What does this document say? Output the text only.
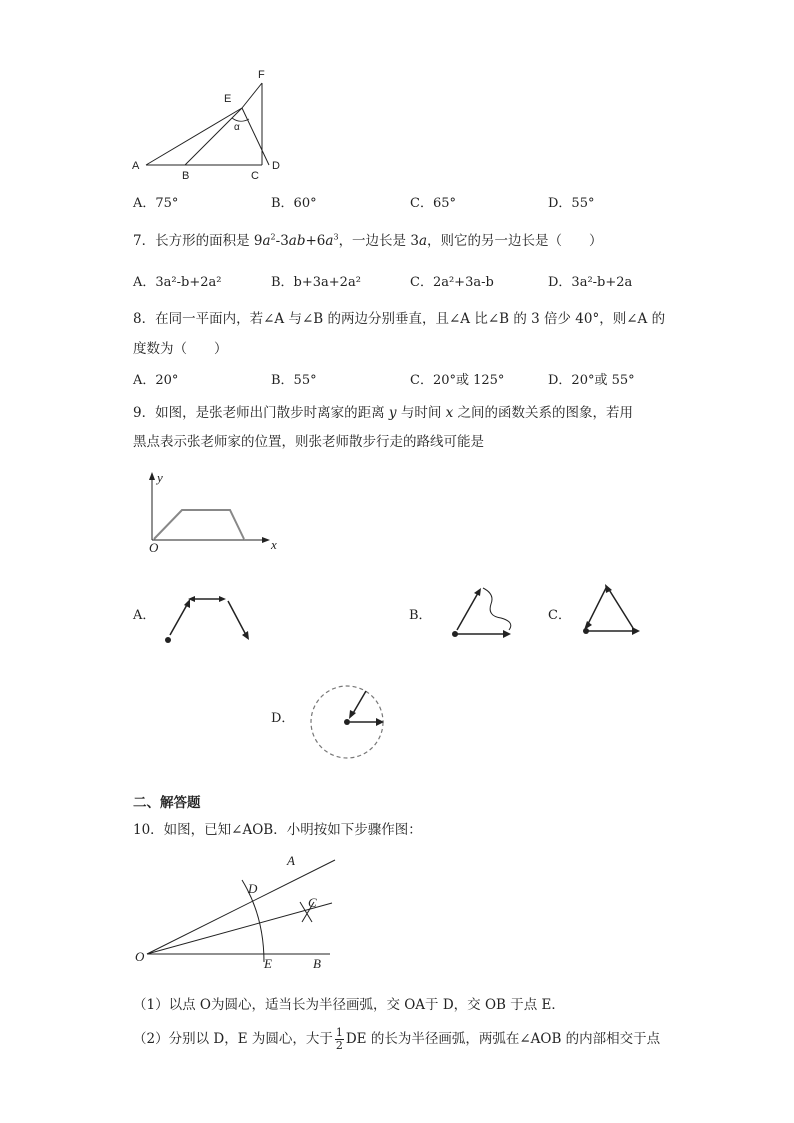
A
B	C
D
E
F
α
A．75°	B．60°	C．65°	D．55°
7．长方形的面积是 $9a^2-3ab+6a^3$，一边长是 3a，则它的另一边长是（　　）
A．3a²-b+2a²	B．b+3a+2a²	C．2a²+3a-b	D．3a²-b+2a
8．在同一平面内，若∠A 与∠B 的两边分别垂直，且∠A 比∠B 的 3 倍少 40°，则∠A 的
度数为（　　）
A．20°	B．55°	C．20°或 125°	D．20°或 55°
9．如图，是张老师出门散步时离家的距离 y 与时间 x 之间的函数关系的图象，若用
黑点表示张老师家的位置，则张老师散步行走的路线可能是
y
x
O
A．	B．	C．
D．
二、解答题
10．如图，已知∠AOB．小明按如下步骤作图：
O
A
B
C
D
E
（1）以点 O为圆心，适当长为半径画弧，交 OA于 D，交 OB 于点 E．
（2）分别以 D，E 为圆心，大于 $\frac{1}{2}$ DE 的长为半径画弧，两弧在∠AOB 的内部相交于点
